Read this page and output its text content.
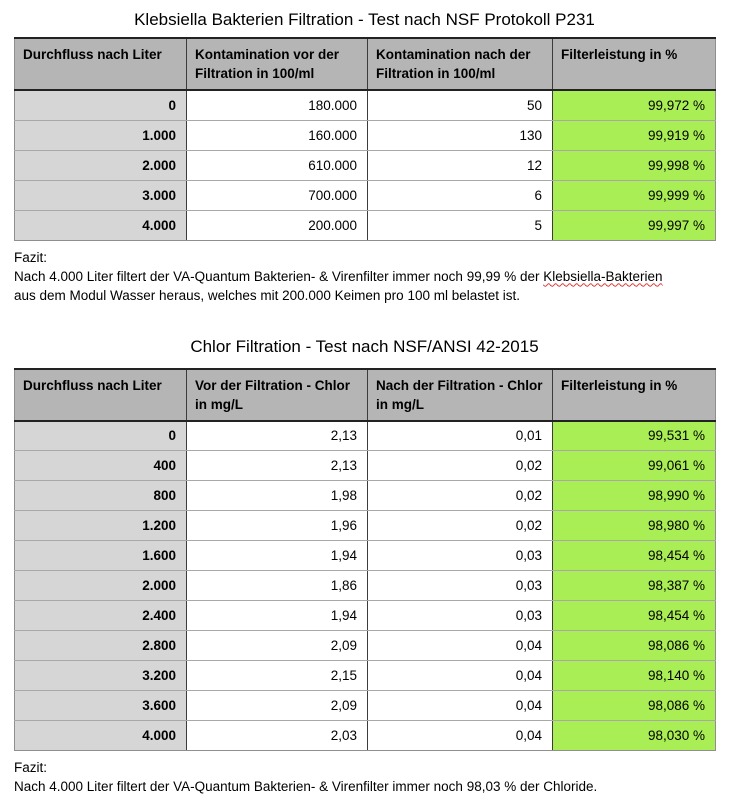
Klebsiella Bakterien Filtration - Test nach NSF Protokoll P231
Durchfluss nach Liter	Kontamination vor der Filtration in 100/ml	Kontamination nach der Filtration in 100/ml	Filterleistung in %
0	180.000	50	99,972 %
1.000	160.000	130	99,919 %
2.000	610.000	12	99,998 %
3.000	700.000	6	99,999 %
4.000	200.000	5	99,997 %

Fazit:
Nach 4.000 Liter filtert der VA-Quantum Bakterien- & Virenfilter immer noch 99,99 % der Klebsiella-Bakterien
aus dem Modul Wasser heraus, welches mit 200.000 Keimen pro 100 ml belastet ist.

Chlor Filtration - Test nach NSF/ANSI 42-2015
Durchfluss nach Liter	Vor der Filtration - Chlor in mg/L	Nach der Filtration - Chlor in mg/L	Filterleistung in %
0	2,13	0,01	99,531 %
400	2,13	0,02	99,061 %
800	1,98	0,02	98,990 %
1.200	1,96	0,02	98,980 %
1.600	1,94	0,03	98,454 %
2.000	1,86	0,03	98,387 %
2.400	1,94	0,03	98,454 %
2.800	2,09	0,04	98,086 %
3.200	2,15	0,04	98,140 %
3.600	2,09	0,04	98,086 %
4.000	2,03	0,04	98,030 %

Fazit:
Nach 4.000 Liter filtert der VA-Quantum Bakterien- & Virenfilter immer noch 98,03 % der Chloride.
